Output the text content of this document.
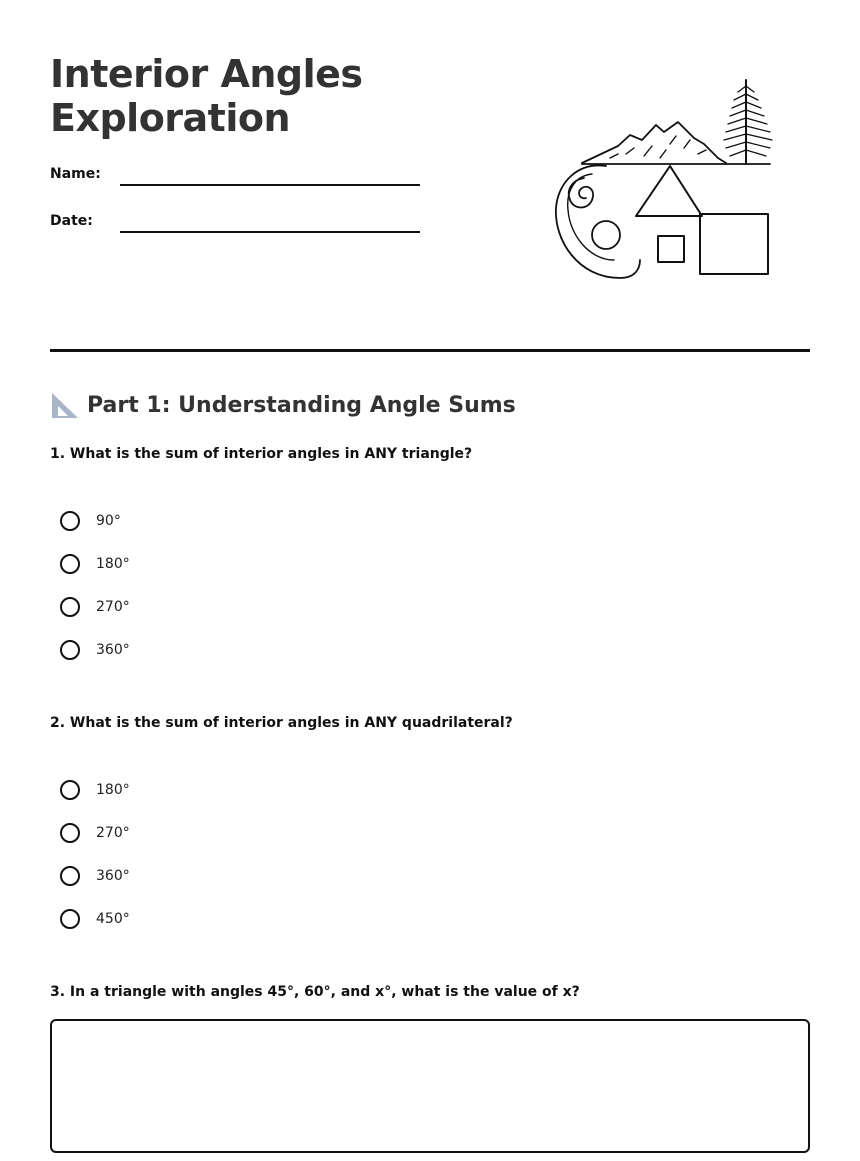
Interior Angles
Exploration
Name:
Date:
Part 1: Understanding Angle Sums
1. What is the sum of interior angles in ANY triangle?
90°
180°
270°
360°
2. What is the sum of interior angles in ANY quadrilateral?
180°
270°
360°
450°
3. In a triangle with angles 45°, 60°, and x°, what is the value of x?
